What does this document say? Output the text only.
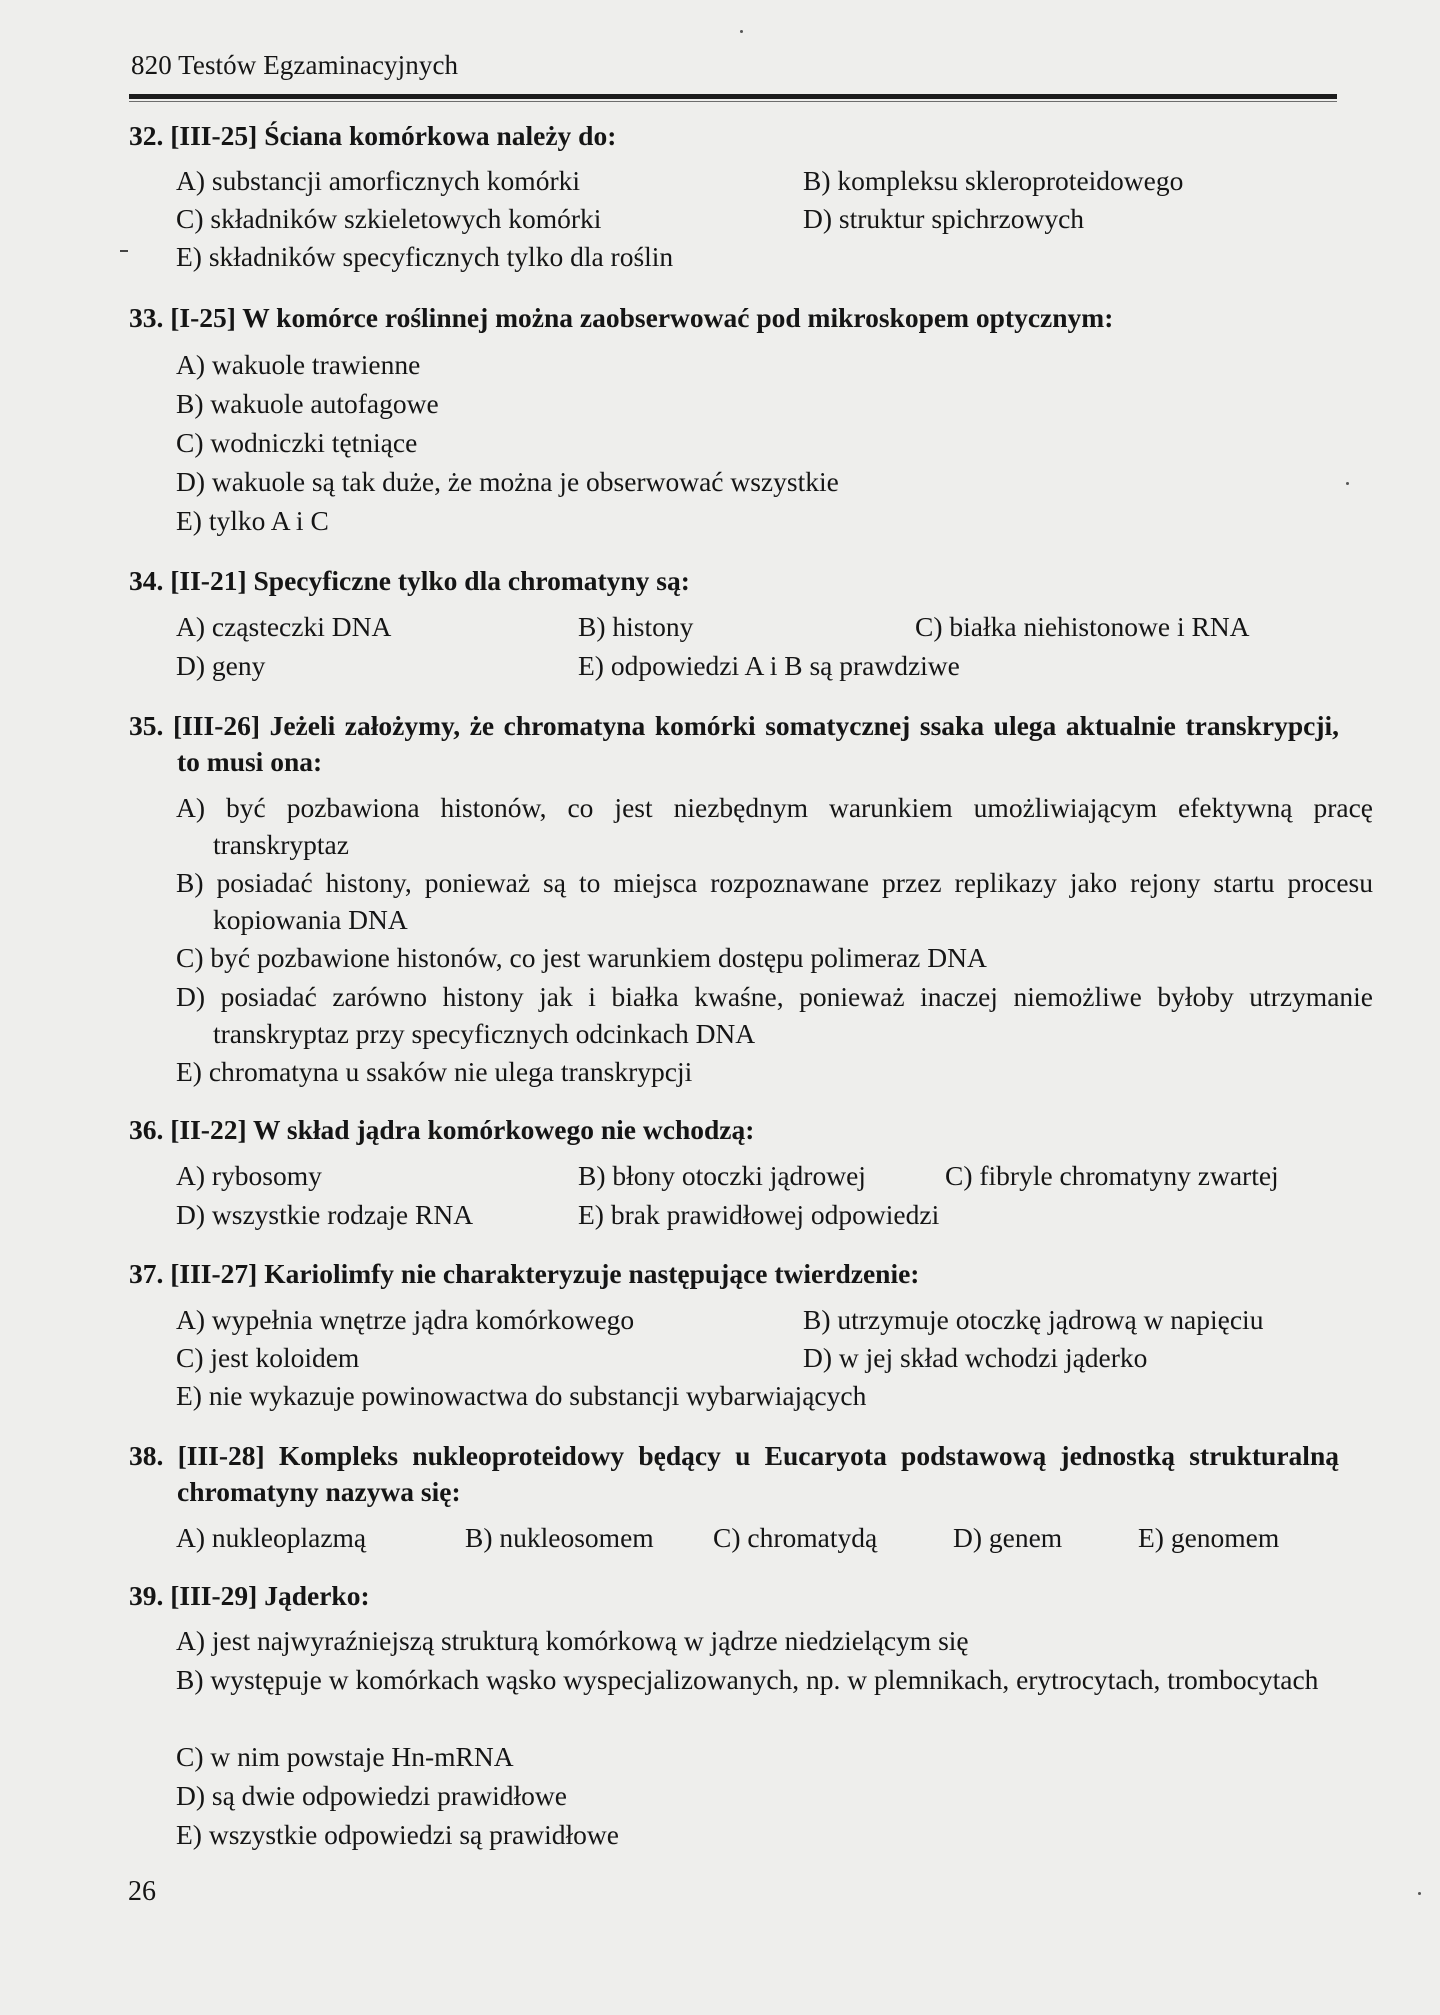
820 Testów Egzaminacyjnych
32. [III-25] Ściana komórkowa należy do:
A) substancji amorficznych komórki	B) kompleksu skleroproteidowego
C) składników szkieletowych komórki	D) struktur spichrzowych
E) składników specyficznych tylko dla roślin
33. [I-25] W komórce roślinnej można zaobserwować pod mikroskopem optycznym:
A) wakuole trawienne
B) wakuole autofagowe
C) wodniczki tętniące
D) wakuole są tak duże, że można je obserwować wszystkie
E) tylko A i C
34. [II-21] Specyficzne tylko dla chromatyny są:
A) cząsteczki DNA	B) histony	C) białka niehistonowe i RNA
D) geny	E) odpowiedzi A i B są prawdziwe
35. [III-26] Jeżeli założymy, że chromatyna komórki somatycznej ssaka ulega aktualnie transkrypcji, to musi ona:
A) być pozbawiona histonów, co jest niezbędnym warunkiem umożliwiającym efektywną pracę transkryptaz
B) posiadać histony, ponieważ są to miejsca rozpoznawane przez replikazy jako rejony startu procesu kopiowania DNA
C) być pozbawione histonów, co jest warunkiem dostępu polimeraz DNA
D) posiadać zarówno histony jak i białka kwaśne, ponieważ inaczej niemożliwe byłoby utrzymanie transkryptaz przy specyficznych odcinkach DNA
E) chromatyna u ssaków nie ulega transkrypcji
36. [II-22] W skład jądra komórkowego nie wchodzą:
A) rybosomy	B) błony otoczki jądrowej	C) fibryle chromatyny zwartej
D) wszystkie rodzaje RNA	E) brak prawidłowej odpowiedzi
37. [III-27] Kariolimfy nie charakteryzuje następujące twierdzenie:
A) wypełnia wnętrze jądra komórkowego	B) utrzymuje otoczkę jądrową w napięciu
C) jest koloidem	D) w jej skład wchodzi jąderko
E) nie wykazuje powinowactwa do substancji wybarwiających
38. [III-28] Kompleks nukleoproteidowy będący u Eucaryota podstawową jednostką strukturalną chromatyny nazywa się:
A) nukleoplazmą	B) nukleosomem C) chromatydą	D) genem	E) genomem
39. [III-29] Jąderko:
A) jest najwyraźniejszą strukturą komórkową w jądrze niedzielącym się
B) występuje w komórkach wąsko wyspecjalizowanych, np. w plemnikach, erytrocytach, trombocytach
C) w nim powstaje Hn-mRNA
D) są dwie odpowiedzi prawidłowe
E) wszystkie odpowiedzi są prawidłowe
26
